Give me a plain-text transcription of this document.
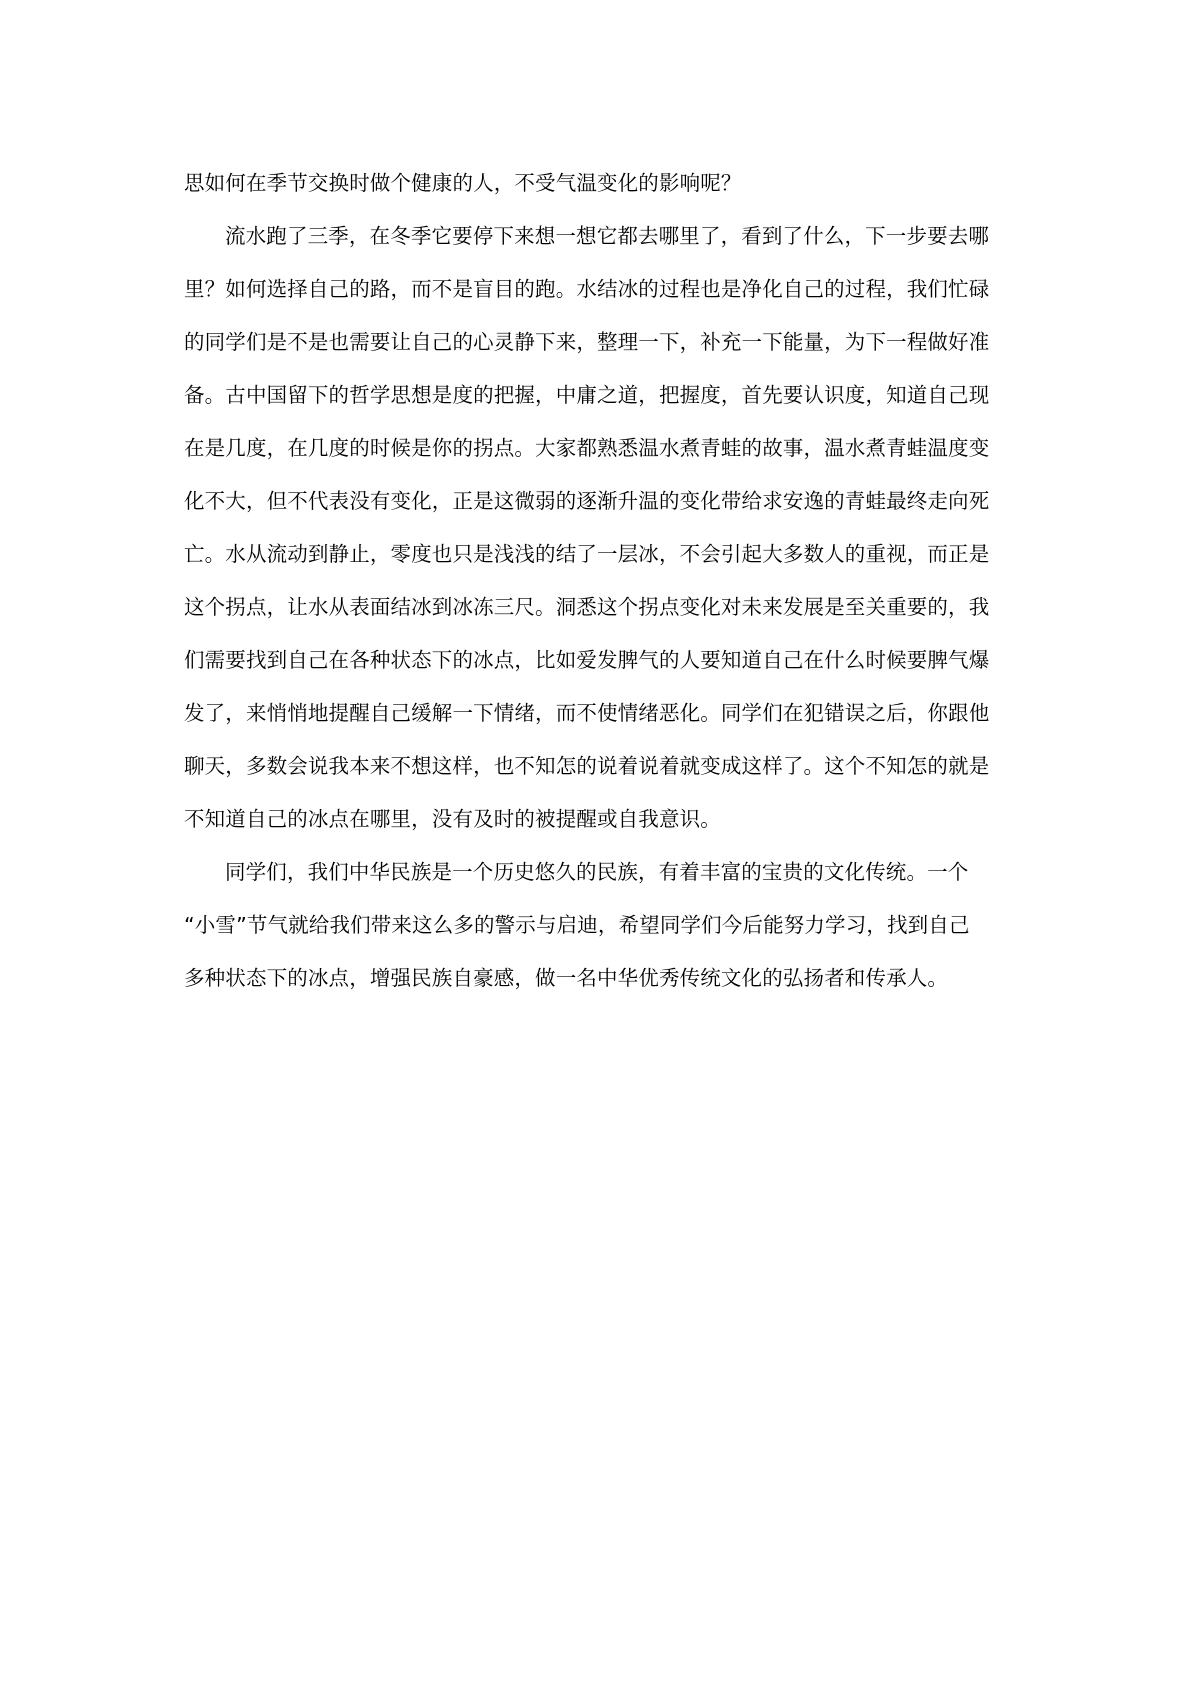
思如何在季节交换时做个健康的人，不受气温变化的影响呢？
流水跑了三季，在冬季它要停下来想一想它都去哪里了，看到了什么，下一步要去哪
里？如何选择自己的路，而不是盲目的跑。水结冰的过程也是净化自己的过程，我们忙碌
的同学们是不是也需要让自己的心灵静下来，整理一下，补充一下能量，为下一程做好准
备。古中国留下的哲学思想是度的把握，中庸之道，把握度，首先要认识度，知道自己现
在是几度，在几度的时候是你的拐点。大家都熟悉温水煮青蛙的故事，温水煮青蛙温度变
化不大，但不代表没有变化，正是这微弱的逐渐升温的变化带给求安逸的青蛙最终走向死
亡。水从流动到静止，零度也只是浅浅的结了一层冰，不会引起大多数人的重视，而正是
这个拐点，让水从表面结冰到冰冻三尺。洞悉这个拐点变化对未来发展是至关重要的，我
们需要找到自己在各种状态下的冰点，比如爱发脾气的人要知道自己在什么时候要脾气爆
发了，来悄悄地提醒自己缓解一下情绪，而不使情绪恶化。同学们在犯错误之后，你跟他
聊天，多数会说我本来不想这样，也不知怎的说着说着就变成这样了。这个不知怎的就是
不知道自己的冰点在哪里，没有及时的被提醒或自我意识。
同学们，我们中华民族是一个历史悠久的民族，有着丰富的宝贵的文化传统。一个
“小雪”节气就给我们带来这么多的警示与启迪，希望同学们今后能努力学习，找到自己
多种状态下的冰点，增强民族自豪感，做一名中华优秀传统文化的弘扬者和传承人。
